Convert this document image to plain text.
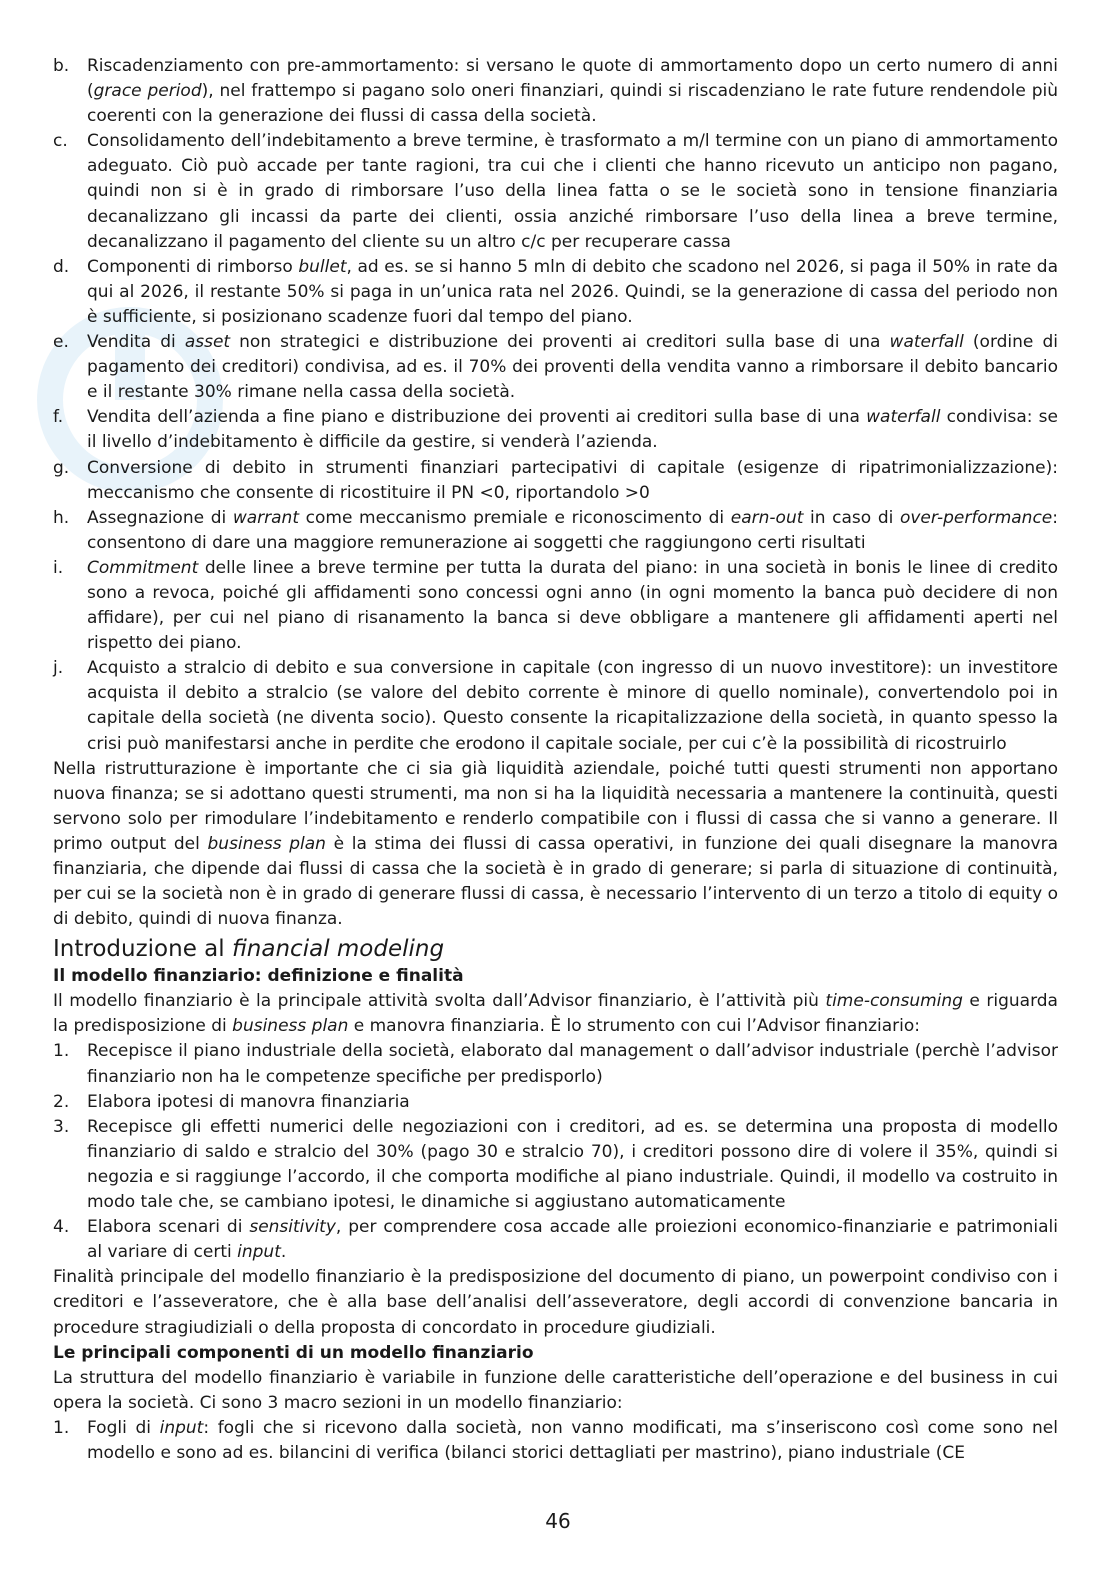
b.	Riscadenziamento con pre-ammortamento: si versano le quote di ammortamento dopo un certo numero di anni (grace period), nel frattempo si pagano solo oneri finanziari, quindi si riscadenziano le rate future rendendole più coerenti con la generazione dei flussi di cassa della società.
c.	Consolidamento dell’indebitamento a breve termine, è trasformato a m/l termine con un piano di ammortamento adeguato. Ciò può accade per tante ragioni, tra cui che i clienti che hanno ricevuto un anticipo non pagano, quindi non si è in grado di rimborsare l’uso della linea fatta o se le società sono in tensione finanziaria decanalizzano gli incassi da parte dei clienti, ossia anziché rimborsare l’uso della linea a breve termine, decanalizzano il pagamento del cliente su un altro c/c per recuperare cassa
d.	Componenti di rimborso bullet, ad es. se si hanno 5 mln di debito che scadono nel 2026, si paga il 50% in rate da qui al 2026, il restante 50% si paga in un’unica rata nel 2026. Quindi, se la generazione di cassa del periodo non è sufficiente, si posizionano scadenze fuori dal tempo del piano.
e.	Vendita di asset non strategici e distribuzione dei proventi ai creditori sulla base di una waterfall (ordine di pagamento dei creditori) condivisa, ad es. il 70% dei proventi della vendita vanno a rimborsare il debito bancario e il restante 30% rimane nella cassa della società.
f.	Vendita dell’azienda a fine piano e distribuzione dei proventi ai creditori sulla base di una waterfall condivisa: se il livello d’indebitamento è difficile da gestire, si venderà l’azienda.
g.	Conversione di debito in strumenti finanziari partecipativi di capitale (esigenze di ripatrimonializzazione): meccanismo che consente di ricostituire il PN <0, riportandolo >0
h.	Assegnazione di warrant come meccanismo premiale e riconoscimento di earn-out in caso di over-performance: consentono di dare una maggiore remunerazione ai soggetti che raggiungono certi risultati
i.	Commitment delle linee a breve termine per tutta la durata del piano: in una società in bonis le linee di credito sono a revoca, poiché gli affidamenti sono concessi ogni anno (in ogni momento la banca può decidere di non affidare), per cui nel piano di risanamento la banca si deve obbligare a mantenere gli affidamenti aperti nel rispetto dei piano.
j.	Acquisto a stralcio di debito e sua conversione in capitale (con ingresso di un nuovo investitore): un investitore acquista il debito a stralcio (se valore del debito corrente è minore di quello nominale), convertendolo poi in capitale della società (ne diventa socio). Questo consente la ricapitalizzazione della società, in quanto spesso la crisi può manifestarsi anche in perdite che erodono il capitale sociale, per cui c’è la possibilità di ricostruirlo
Nella ristrutturazione è importante che ci sia già liquidità aziendale, poiché tutti questi strumenti non apportano nuova finanza; se si adottano questi strumenti, ma non si ha la liquidità necessaria a mantenere la continuità, questi servono solo per rimodulare l’indebitamento e renderlo compatibile con i flussi di cassa che si vanno a generare. Il primo output del business plan è la stima dei flussi di cassa operativi, in funzione dei quali disegnare la manovra finanziaria, che dipende dai flussi di cassa che la società è in grado di generare; si parla di situazione di continuità, per cui se la società non è in grado di generare flussi di cassa, è necessario l’intervento di un terzo a titolo di equity o di debito, quindi di nuova finanza.
Introduzione al financial modeling
Il modello finanziario: definizione e finalità
Il modello finanziario è la principale attività svolta dall’Advisor finanziario, è l’attività più time-consuming e riguarda la predisposizione di business plan e manovra finanziaria. È lo strumento con cui l’Advisor finanziario:
1.	Recepisce il piano industriale della società, elaborato dal management o dall’advisor industriale (perchè l’advisor finanziario non ha le competenze specifiche per predisporlo)
2.	Elabora ipotesi di manovra finanziaria
3.	Recepisce gli effetti numerici delle negoziazioni con i creditori, ad es. se determina una proposta di modello finanziario di saldo e stralcio del 30% (pago 30 e stralcio 70), i creditori possono dire di volere il 35%, quindi si negozia e si raggiunge l’accordo, il che comporta modifiche al piano industriale. Quindi, il modello va costruito in modo tale che, se cambiano ipotesi, le dinamiche si aggiustano automaticamente
4.	Elabora scenari di sensitivity, per comprendere cosa accade alle proiezioni economico-finanziarie e patrimoniali al variare di certi input.
Finalità principale del modello finanziario è la predisposizione del documento di piano, un powerpoint condiviso con i creditori e l’asseveratore, che è alla base dell’analisi dell’asseveratore, degli accordi di convenzione bancaria in procedure stragiudiziali o della proposta di concordato in procedure giudiziali.
Le principali componenti di un modello finanziario
La struttura del modello finanziario è variabile in funzione delle caratteristiche dell’operazione e del business in cui opera la società. Ci sono 3 macro sezioni in un modello finanziario:
1.	Fogli di input: fogli che si ricevono dalla società, non vanno modificati, ma s’inseriscono così come sono nel modello e sono ad es. bilancini di verifica (bilanci storici dettagliati per mastrino), piano industriale (CE
46
